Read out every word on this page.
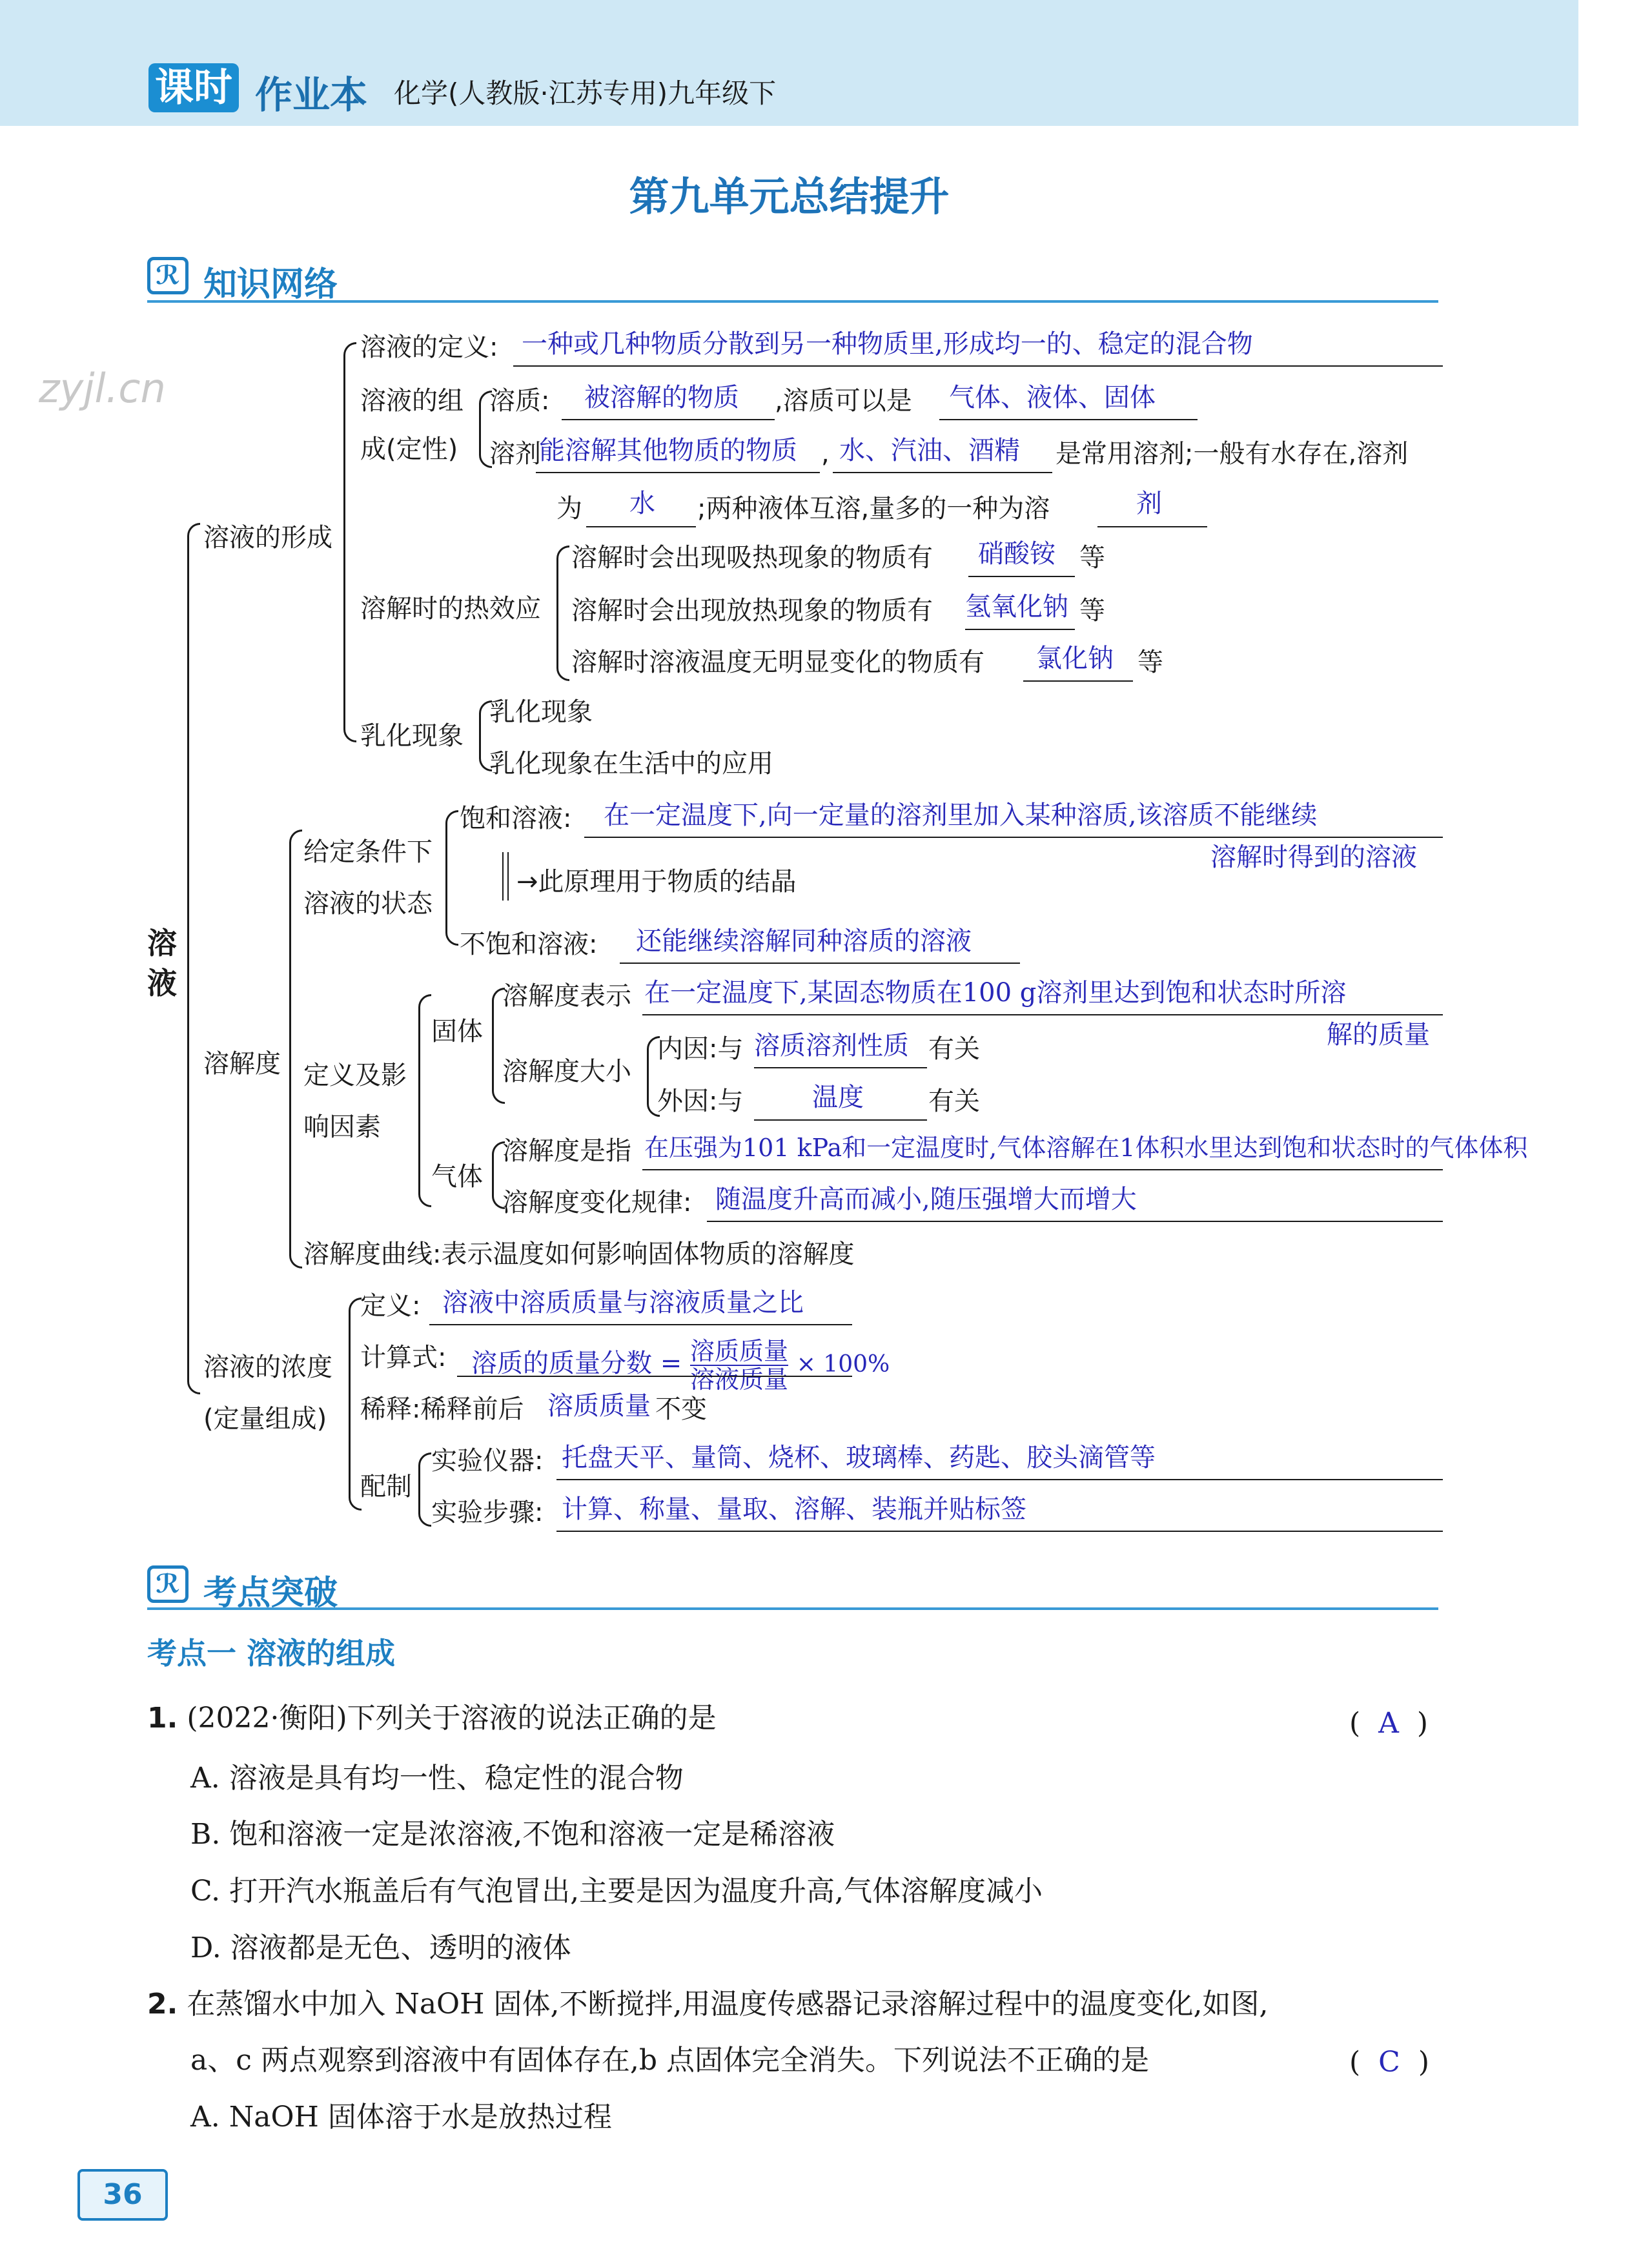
课时 作业本 化学(人教版·江苏专用)九年级下
zyjl.cn
第九单元总结提升
ℛ 知识网络
溶液
溶液的形成
溶液的定义: 一种或几种物质分散到另一种物质里,形成均一的、稳定的混合物
溶液的组
成(定性)
溶质: 被溶解的物质 ,溶质可以是 气体、液体、固体
溶剂
能溶解其他物质的物质 , 水、汽油、酒精 是常用溶剂;一般有水存在,溶剂
为 水 ;两种液体互溶,量多的一种为溶	剂
溶解时的热效应
溶解时会出现吸热现象的物质有 硝酸铵 等
溶解时会出现放热现象的物质有 氢氧化钠 等
溶解时溶液温度无明显变化的物质有 氯化钠 等
乳化现象
乳化现象
乳化现象在生活中的应用
给定条件下
溶液的状态
饱和溶液: 在一定温度下,向一定量的溶剂里加入某种溶质,该溶质不能继续
溶解时得到的溶液
→此原理用于物质的结晶
不饱和溶液: 还能继续溶解同种溶质的溶液
溶解度 定义及影
响因素
固体
溶解度表示 在一定温度下,某固态物质在100 g溶剂里达到饱和状态时所溶
解的质量
溶解度大小
内因:与 溶质溶剂性质 有关
外因:与	温度	有关
气体
溶解度是指 在压强为101 kPa和一定温度时,气体溶解在1体积水里达到饱和状态时的气体体积
溶解度变化规律: 随温度升高而减小,随压强增大而增大
溶解度曲线:表示温度如何影响固体物质的溶解度
溶液的浓度
(定量组成)
定义: 溶液中溶质质量与溶液质量之比
计算式: 溶质的质量分数 = $\frac{\text{溶质质量}}{\text{溶液质量}} \times 100\%$
稀释:稀释前后 溶质质量 不变
配制
实验仪器: 托盘天平、量筒、烧杯、玻璃棒、药匙、胶头滴管等
实验步骤: 计算、称量、量取、溶解、装瓶并贴标签
ℛ 考点突破
考点一 溶液的组成
1. (2022·衡阳)下列关于溶液的说法正确的是	( A )
A. 溶液是具有均一性、稳定性的混合物
B. 饱和溶液一定是浓溶液,不饱和溶液一定是稀溶液
C. 打开汽水瓶盖后有气泡冒出,主要是因为温度升高,气体溶解度减小
D. 溶液都是无色、透明的液体
2. 在蒸馏水中加入 NaOH 固体,不断搅拌,用温度传感器记录溶解过程中的温度变化,如图,
a、c 两点观察到溶液中有固体存在,b 点固体完全消失。下列说法不正确的是	( C )
A. NaOH 固体溶于水是放热过程
36
